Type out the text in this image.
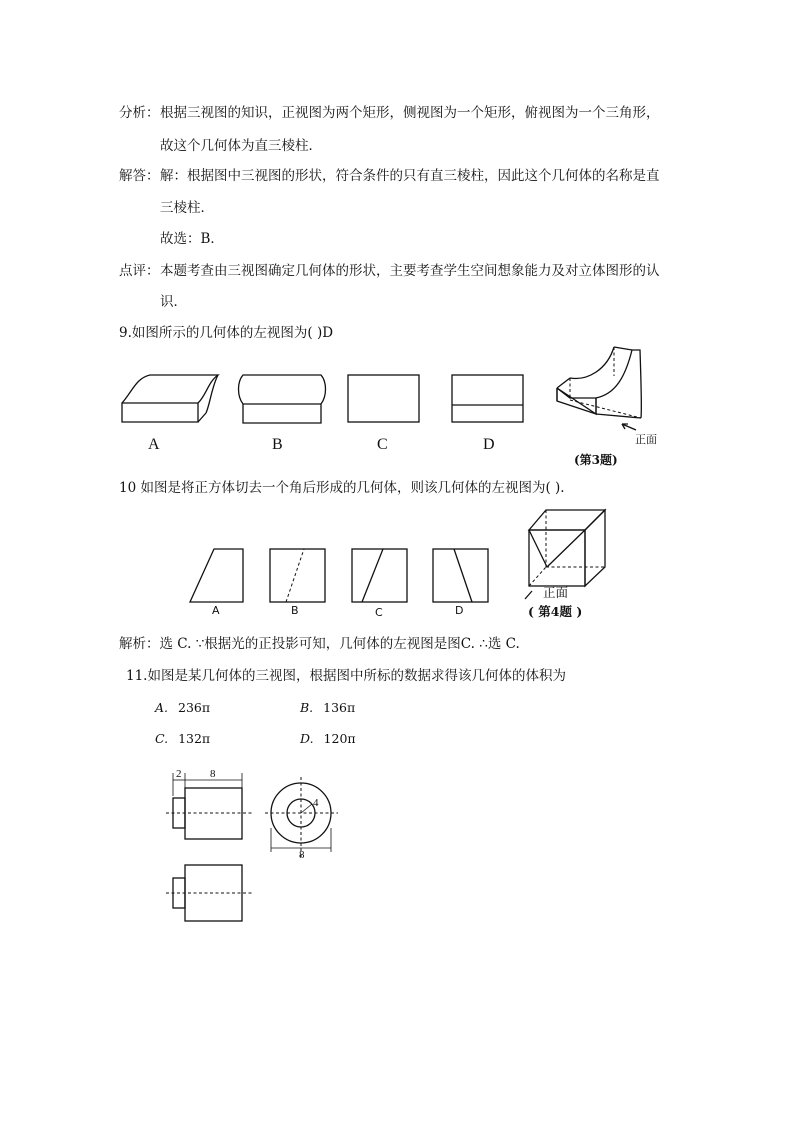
分析： 根据三视图的知识，正视图为两个矩形，侧视图为一个矩形，俯视图为一个三角形，
故这个几何体为直三棱柱．
解答： 解：根据图中三视图的形状，符合条件的只有直三棱柱，因此这个几何体的名称是直
三棱柱．
故选：B．
点评： 本题考查由三视图确定几何体的形状，主要考查学生空间想象能力及对立体图形的认
识．
9.如图所示的几何体的左视图为( )D
A	B	C	D	正面
(第3题)
10 如图是将正方体切去一个角后形成的几何体，则该几何体的左视图为( ).
A	B	C	D
正面
( 第4题 )
解析：选 C. ∵根据光的正投影可知，几何体的左视图是图C. ∴选 C.
11.如图是某几何体的三视图，根据图中所标的数据求得该几何体的体积为
A. 236π	B. 136π
C. 132π	D. 120π
2	8
4
8
